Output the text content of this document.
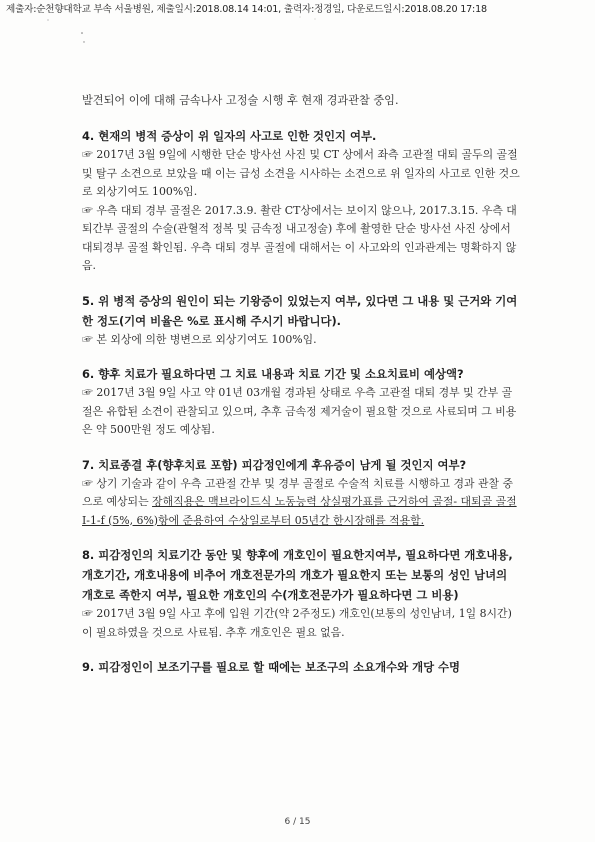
제출자:순천향대학교 부속 서울병원, 제출일시:2018.08.14 14:01, 출력자:정경일, 다운로드일시:2018.08.20 17:18

발견되어 이에 대해 금속나사 고정술 시행 후 현재 경과관찰 중임.

4. 현재의 병적 증상이 위 일자의 사고로 인한 것인지 여부.

☞ 2017년 3월 9일에 시행한 단순 방사선 사진 및 CT 상에서 좌측 고관절 대퇴 골두의 골절 및 탈구 소견으로 보았을 때 이는 급성 소견을 시사하는 소견으로 위 일자의 사고로 인한 것으로 외상기여도 100%임.

☞ 우측 대퇴 경부 골절은 2017.3.9. 촬란 CT상에서는 보이지 않으나, 2017.3.15. 우측 대퇴간부 골절의 수술(관혈적 정복 및 금속정 내고정술) 후에 촬영한 단순 방사선 사진 상에서 대퇴경부 골절 확인됨. 우측 대퇴 경부 골절에 대해서는 이 사고와의 인과관계는 명확하지 않음.

5. 위 병적 증상의 원인이 되는 기왕증이 있었는지 여부, 있다면 그 내용 및 근거와 기여한 정도(기여 비율은 %로 표시해 주시기 바랍니다).

☞ 본 외상에 의한 병변으로 외상기여도 100%임.

6. 향후 치료가 필요하다면 그 치료 내용과 치료 기간 및 소요치료비 예상액?

☞ 2017년 3월 9일 사고 약 01년 03개월 경과된 상태로 우측 고관절 대퇴 경부 및 간부 골절은 유합된 소견이 관찰되고 있으며, 추후 금속정 제거술이 필요할 것으로 사료되며 그 비용은 약 500만원 정도 예상됨.

7. 치료종결 후(향후치료 포함) 피감정인에게 후유증이 남게 될 것인지 여부?

☞ 상기 기술과 같이 우측 고관절 간부 및 경부 골절로 수술적 치료를 시행하고 경과 관찰 중으로 예상되는 장해직용은 맥브라이드식 노동능력 상실평가표를 근거하여 골절- 대퇴골 골절 I-1-f (5%, 6%)항에 준용하여 수상일로부터 05년간 한시장해를 적용함.

8. 피감정인의 치료기간 동안 및 향후에 개호인이 필요한지여부, 필요하다면 개호내용, 개호기간, 개호내용에 비추어 개호전문가의 개호가 필요한지 또는 보통의 성인 남녀의 개호로 족한지 여부, 필요한 개호인의 수(개호전문가가 필요하다면 그 비용)

☞ 2017년 3월 9일 사고 후에 입원 기간(약 2주정도) 개호인(보통의 성인남녀, 1일 8시간)이 필요하였을 것으로 사료됨. 추후 개호인은 필요 없음.

9. 피감정인이 보조기구를 필요로 할 때에는 보조구의 소요개수와 개당 수명

6 / 15
